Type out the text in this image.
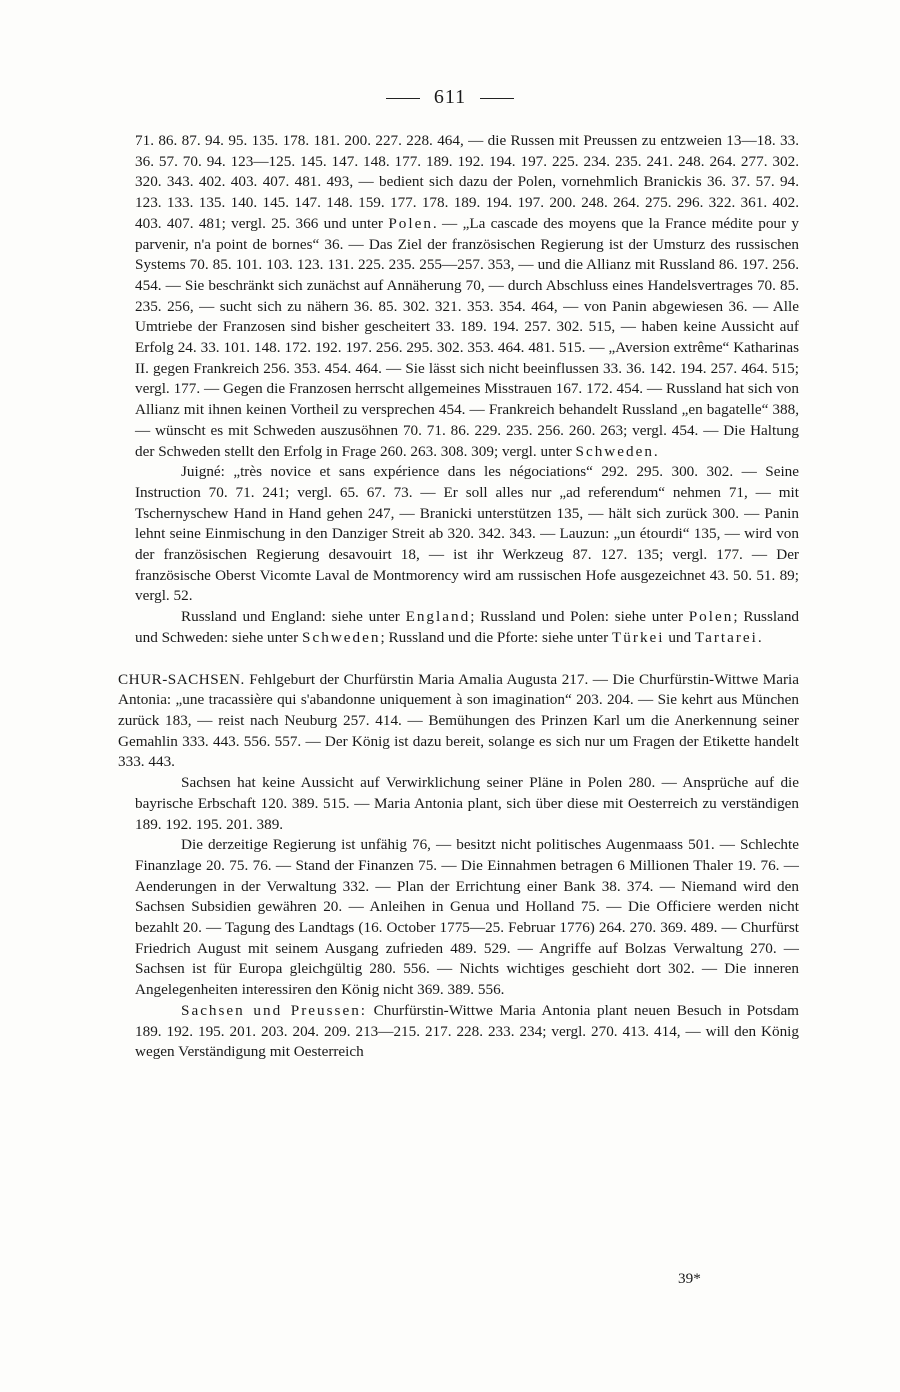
611

71. 86. 87. 94. 95. 135. 178. 181. 200. 227. 228. 464, — die Russen mit Preussen zu entzweien 13—18. 33. 36. 57. 70. 94. 123—125. 145. 147. 148. 177. 189. 192. 194. 197. 225. 234. 235. 241. 248. 264. 277. 302. 320. 343. 402. 403. 407. 481. 493, — bedient sich dazu der Polen, vornehmlich Branickis 36. 37. 57. 94. 123. 133. 135. 140. 145. 147. 148. 159. 177. 178. 189. 194. 197. 200. 248. 264. 275. 296. 322. 361. 402. 403. 407. 481; vergl. 25. 366 und unter Polen. — „La cascade des moyens que la France médite pour y parvenir, n'a point de bornes“ 36. — Das Ziel der französischen Regierung ist der Umsturz des russischen Systems 70. 85. 101. 103. 123. 131. 225. 235. 255—257. 353, — und die Allianz mit Russland 86. 197. 256. 454. — Sie beschränkt sich zunächst auf Annäherung 70, — durch Abschluss eines Handelsvertrages 70. 85. 235. 256, — sucht sich zu nähern 36. 85. 302. 321. 353. 354. 464, — von Panin abgewiesen 36. — Alle Umtriebe der Franzosen sind bisher gescheitert 33. 189. 194. 257. 302. 515, — haben keine Aussicht auf Erfolg 24. 33. 101. 148. 172. 192. 197. 256. 295. 302. 353. 464. 481. 515. — „Aversion extrême“ Katharinas II. gegen Frankreich 256. 353. 454. 464. — Sie lässt sich nicht beeinflussen 33. 36. 142. 194. 257. 464. 515; vergl. 177. — Gegen die Franzosen herrscht allgemeines Misstrauen 167. 172. 454. — Russland hat sich von Allianz mit ihnen keinen Vortheil zu versprechen 454. — Frankreich behandelt Russland „en bagatelle“ 388, — wünscht es mit Schweden auszusöhnen 70. 71. 86. 229. 235. 256. 260. 263; vergl. 454. — Die Haltung der Schweden stellt den Erfolg in Frage 260. 263. 308. 309; vergl. unter Schweden.

Juigné: „très novice et sans expérience dans les négociations“ 292. 295. 300. 302. — Seine Instruction 70. 71. 241; vergl. 65. 67. 73. — Er soll alles nur „ad referendum“ nehmen 71, — mit Tschernyschew Hand in Hand gehen 247, — Branicki unterstützen 135, — hält sich zurück 300. — Panin lehnt seine Einmischung in den Danziger Streit ab 320. 342. 343. — Lauzun: „un étourdi“ 135, — wird von der französischen Regierung desavouirt 18, — ist ihr Werkzeug 87. 127. 135; vergl. 177. — Der französische Oberst Vicomte Laval de Montmorency wird am russischen Hofe ausgezeichnet 43. 50. 51. 89; vergl. 52.

Russland und England: siehe unter England; Russland und Polen: siehe unter Polen; Russland und Schweden: siehe unter Schweden; Russland und die Pforte: siehe unter Türkei und Tartarei.

CHUR-SACHSEN. Fehlgeburt der Churfürstin Maria Amalia Augusta 217. — Die Churfürstin-Wittwe Maria Antonia: „une tracassière qui s'abandonne uniquement à son imagination“ 203. 204. — Sie kehrt aus München zurück 183, — reist nach Neuburg 257. 414. — Bemühungen des Prinzen Karl um die Anerkennung seiner Gemahlin 333. 443. 556. 557. — Der König ist dazu bereit, solange es sich nur um Fragen der Etikette handelt 333. 443.

Sachsen hat keine Aussicht auf Verwirklichung seiner Pläne in Polen 280. — Ansprüche auf die bayrische Erbschaft 120. 389. 515. — Maria Antonia plant, sich über diese mit Oesterreich zu verständigen 189. 192. 195. 201. 389.

Die derzeitige Regierung ist unfähig 76, — besitzt nicht politisches Augenmaass 501. — Schlechte Finanzlage 20. 75. 76. — Stand der Finanzen 75. — Die Einnahmen betragen 6 Millionen Thaler 19. 76. — Aenderungen in der Verwaltung 332. — Plan der Errichtung einer Bank 38. 374. — Niemand wird den Sachsen Subsidien gewähren 20. — Anleihen in Genua und Holland 75. — Die Officiere werden nicht bezahlt 20. — Tagung des Landtags (16. October 1775—25. Februar 1776) 264. 270. 369. 489. — Churfürst Friedrich August mit seinem Ausgang zufrieden 489. 529. — Angriffe auf Bolzas Verwaltung 270. — Sachsen ist für Europa gleichgültig 280. 556. — Nichts wichtiges geschieht dort 302. — Die inneren Angelegenheiten interessiren den König nicht 369. 389. 556.

Sachsen und Preussen: Churfürstin-Wittwe Maria Antonia plant neuen Besuch in Potsdam 189. 192. 195. 201. 203. 204. 209. 213—215. 217. 228. 233. 234; vergl. 270. 413. 414, — will den König wegen Verständigung mit Oesterreich

39*
